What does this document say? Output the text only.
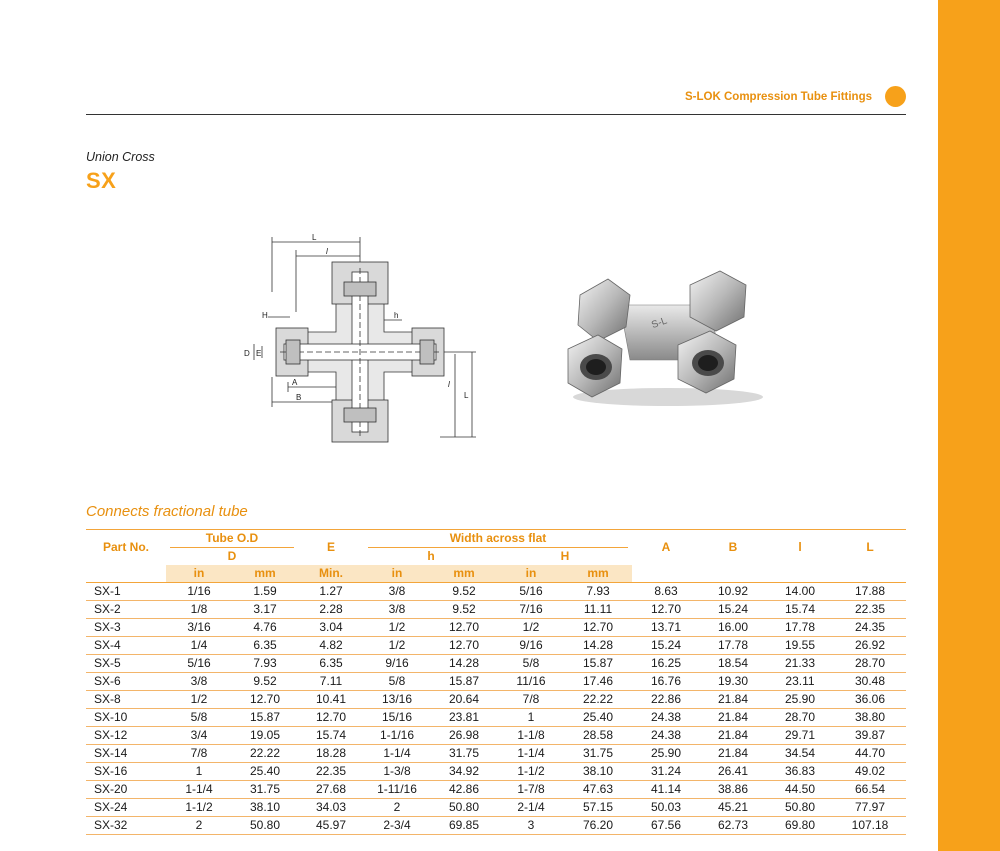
S-LOK Compression Tube Fittings
Union Cross
SX
L
l
H	h
D E
A
B
l
L
S-L
Connects fractional tube
Part No.	Tube O.D		E	Width across flat				A	B	l	L
	D			h		H					
	in	mm	Min.	in	mm	in	mm				
SX-1	1/16	1.59	1.27	3/8	9.52	5/16	7.93	8.63	10.92	14.00	17.88
SX-2	1/8	3.17	2.28	3/8	9.52	7/16	11.11	12.70	15.24	15.74	22.35
SX-3	3/16	4.76	3.04	1/2	12.70	1/2	12.70	13.71	16.00	17.78	24.35
SX-4	1/4	6.35	4.82	1/2	12.70	9/16	14.28	15.24	17.78	19.55	26.92
SX-5	5/16	7.93	6.35	9/16	14.28	5/8	15.87	16.25	18.54	21.33	28.70
SX-6	3/8	9.52	7.11	5/8	15.87	11/16	17.46	16.76	19.30	23.11	30.48
SX-8	1/2	12.70	10.41	13/16	20.64	7/8	22.22	22.86	21.84	25.90	36.06
SX-10	5/8	15.87	12.70	15/16	23.81	1	25.40	24.38	21.84	28.70	38.80
SX-12	3/4	19.05	15.74	1-1/16	26.98	1-1/8	28.58	24.38	21.84	29.71	39.87
SX-14	7/8	22.22	18.28	1-1/4	31.75	1-1/4	31.75	25.90	21.84	34.54	44.70
SX-16	1	25.40	22.35	1-3/8	34.92	1-1/2	38.10	31.24	26.41	36.83	49.02
SX-20	1-1/4	31.75	27.68	1-11/16	42.86	1-7/8	47.63	41.14	38.86	44.50	66.54
SX-24	1-1/2	38.10	34.03	2	50.80	2-1/4	57.15	50.03	45.21	50.80	77.97
SX-32	2	50.80	45.97	2-3/4	69.85	3	76.20	67.56	62.73	69.80	107.18
